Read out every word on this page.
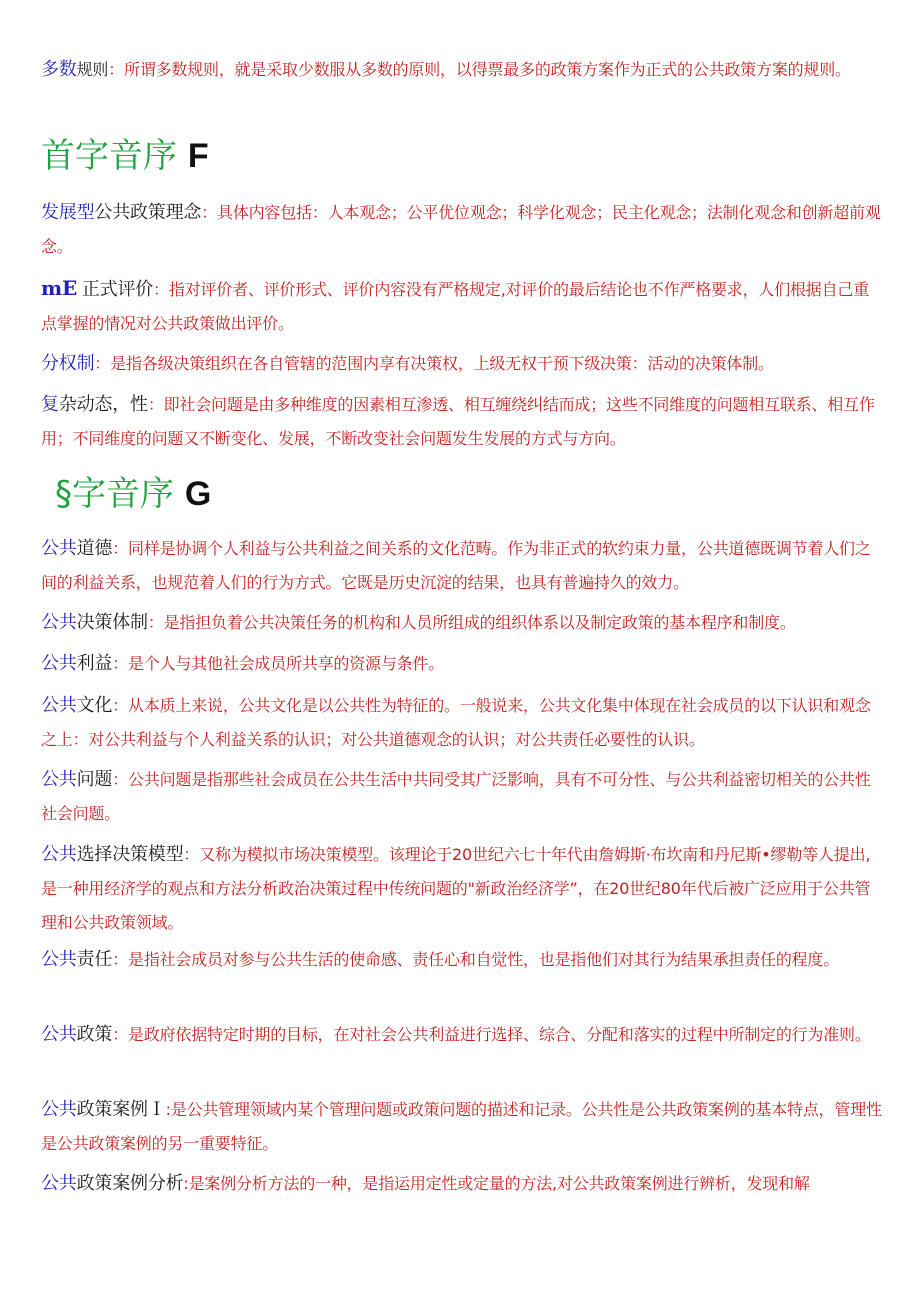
多数规则：所谓多数规则，就是采取少数服从多数的原则，以得票最多的政策方案作为正式的公共政策方案的规则。
首字音序 F
发展型公共政策理念：具体内容包括：人本观念；公平优位观念；科学化观念；民主化观念；法制化观念和创新超前观念。
mE 正式评价：指对评价者、评价形式、评价内容没有严格规定,对评价的最后结论也不作严格要求，人们根据自己重点掌握的情况对公共政策做出评价。
分权制：是指各级决策组织在各自管辖的范围内享有决策权，上级无权干预下级决策：活动的决策体制。
复杂动态，性：即社会问题是由多种维度的因素相互渗透、相互缠绕纠结而成；这些不同维度的问题相互联系、相互作用；不同维度的问题又不断变化、发展，不断改变社会问题发生发展的方式与方向。
§字音序 G
公共道德：同样是协调个人利益与公共利益之间关系的文化范畴。作为非正式的软约束力量，公共道德既调节着人们之间的利益关系，也规范着人们的行为方式。它既是历史沉淀的结果，也具有普遍持久的效力。
公共决策体制：是指担负着公共决策任务的机构和人员所组成的组织体系以及制定政策的基本程序和制度。
公共利益：是个人与其他社会成员所共享的资源与条件。
公共文化：从本质上来说，公共文化是以公共性为特征的。一般说来，公共文化集中体现在社会成员的以下认识和观念之上：对公共利益与个人利益关系的认识；对公共道德观念的认识；对公共责任必要性的认识。
公共问题：公共问题是指那些社会成员在公共生活中共同受其广泛影响，具有不可分性、与公共利益密切相关的公共性社会问题。
公共选择决策模型：又称为模拟市场决策模型。该理论于20世纪六七十年代由詹姆斯·布坎南和丹尼斯•缪勒等人提出,是一种用经济学的观点和方法分析政治决策过程中传统问题的"新政治经济学”，在20世纪80年代后被广泛应用于公共管理和公共政策领域。
公共责任：是指社会成员对参与公共生活的使命感、责任心和自觉性，也是指他们对其行为结果承担责任的程度。
公共政策：是政府依据特定时期的目标，在对社会公共利益进行选择、综合、分配和落实的过程中所制定的行为准则。
公共政策案例Ｉ:是公共管理领域内某个管理问题或政策问题的描述和记录。公共性是公共政策案例的基本特点，管理性是公共政策案例的另一重要特征。
公共政策案例分析:是案例分析方法的一种，是指运用定性或定量的方法,对公共政策案例进行辨析，发现和解
